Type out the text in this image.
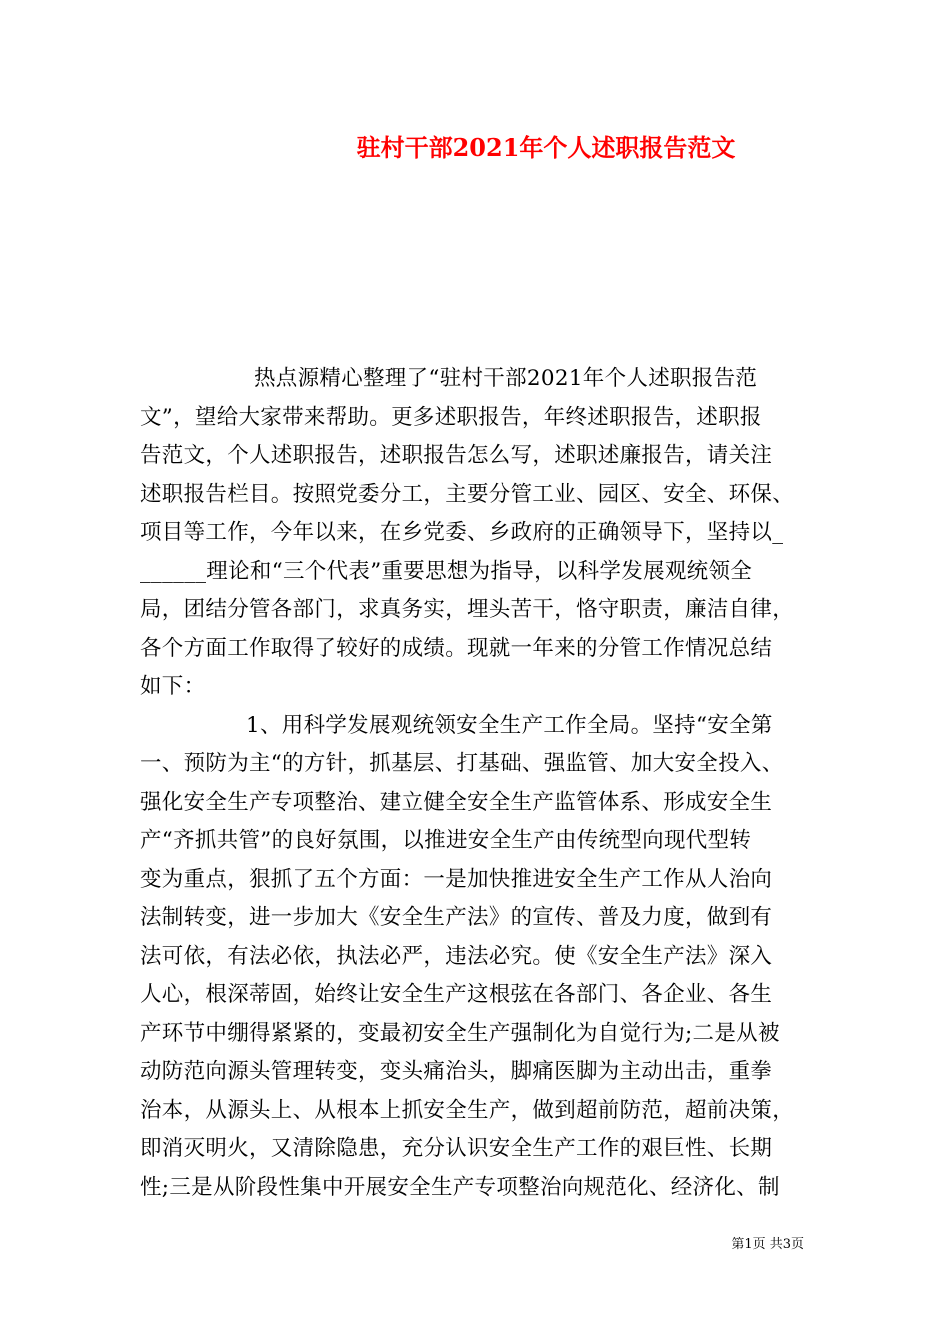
驻村干部2021年个人述职报告范文
热点源精心整理了“驻村干部2021年个人述职报告范
文”，望给大家带来帮助。更多述职报告，年终述职报告，述职报
告范文，个人述职报告，述职报告怎么写，述职述廉报告，请关注
述职报告栏目。按照党委分工，主要分管工业、园区、安全、环保、
项目等工作，今年以来，在乡党委、乡政府的正确领导下，坚持以_
______理论和“三个代表”重要思想为指导，以科学发展观统领全
局，团结分管各部门，求真务实，埋头苦干，恪守职责，廉洁自律，
各个方面工作取得了较好的成绩。现就一年来的分管工作情况总结
如下：
1、用科学发展观统领安全生产工作全局。坚持“安全第
一、预防为主“的方针，抓基层、打基础、强监管、加大安全投入、
强化安全生产专项整治、建立健全安全生产监管体系、形成安全生
产“齐抓共管”的良好氛围，以推进安全生产由传统型向现代型转
变为重点，狠抓了五个方面：一是加快推进安全生产工作从人治向
法制转变，进一步加大《安全生产法》的宣传、普及力度，做到有
法可依，有法必依，执法必严，违法必究。使《安全生产法》深入
人心，根深蒂固，始终让安全生产这根弦在各部门、各企业、各生
产环节中绷得紧紧的，变最初安全生产强制化为自觉行为;二是从被
动防范向源头管理转变，变头痛治头，脚痛医脚为主动出击，重拳
治本，从源头上、从根本上抓安全生产，做到超前防范，超前决策，
即消灭明火，又清除隐患，充分认识安全生产工作的艰巨性、长期
性;三是从阶段性集中开展安全生产专项整治向规范化、经济化、制
第1页 共3页
